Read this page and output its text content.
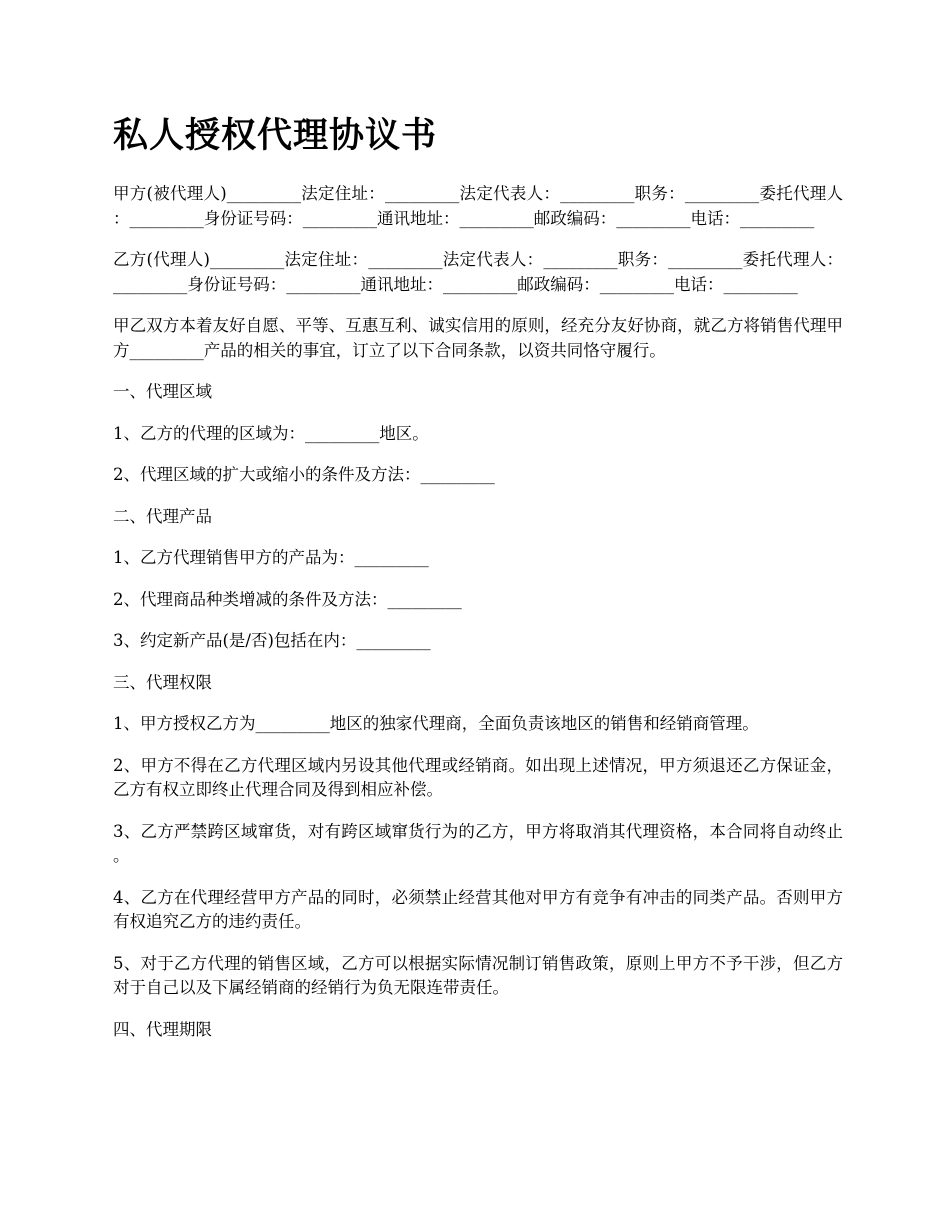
私人授权代理协议书

甲方(被代理人)_________法定住址：_________法定代表人：_________职务：_________委托代理人：_________身份证号码：_________通讯地址：_________邮政编码：_________电话：_________

乙方(代理人)_________法定住址：_________法定代表人：_________职务：_________委托代理人：_________身份证号码：_________通讯地址：_________邮政编码：_________电话：_________

甲乙双方本着友好自愿、平等、互惠互利、诚实信用的原则，经充分友好协商，就乙方将销售代理甲方_________产品的相关的事宜，订立了以下合同条款，以资共同恪守履行。

一、代理区域

1、乙方的代理的区域为：_________地区。

2、代理区域的扩大或缩小的条件及方法：_________

二、代理产品

1、乙方代理销售甲方的产品为：_________

2、代理商品种类增减的条件及方法：_________

3、约定新产品(是/否)包括在内：_________

三、代理权限

1、甲方授权乙方为_________地区的独家代理商，全面负责该地区的销售和经销商管理。

2、甲方不得在乙方代理区域内另设其他代理或经销商。如出现上述情况，甲方须退还乙方保证金，乙方有权立即终止代理合同及得到相应补偿。

3、乙方严禁跨区域窜货，对有跨区域窜货行为的乙方，甲方将取消其代理资格，本合同将自动终止。

4、乙方在代理经营甲方产品的同时，必须禁止经营其他对甲方有竞争有冲击的同类产品。否则甲方有权追究乙方的违约责任。

5、对于乙方代理的销售区域，乙方可以根据实际情况制订销售政策，原则上甲方不予干涉，但乙方对于自己以及下属经销商的经销行为负无限连带责任。

四、代理期限
